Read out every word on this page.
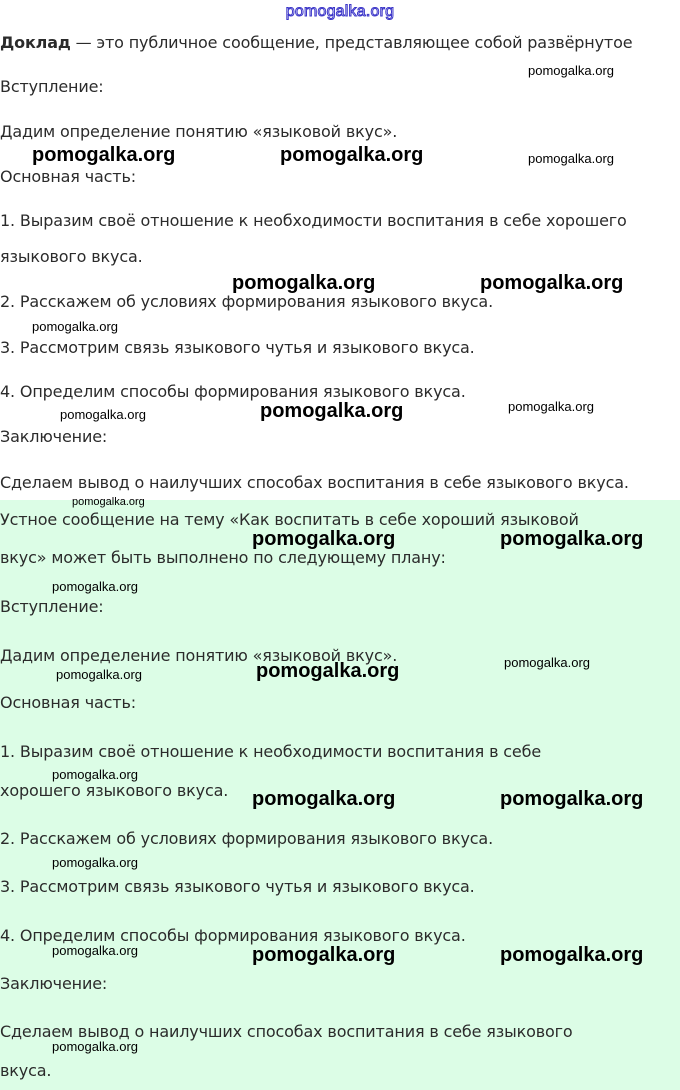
pomogalka.org
Доклад — это публичное сообщение, представляющее собой развёрнутое
Вступление:
Дадим определение понятию «языковой вкус».
Основная часть:
1. Выразим своё отношение к необходимости воспитания в себе хорошего
языкового вкуса.
2. Расскажем об условиях формирования языкового вкуса.
3. Рассмотрим связь языкового чутья и языкового вкуса.
4. Определим способы формирования языкового вкуса.
Заключение:
Сделаем вывод о наилучших способах воспитания в себе языкового вкуса.
Устное сообщение на тему «Как воспитать в себе хороший языковой
вкус» может быть выполнено по следующему плану:
Вступление:
Дадим определение понятию «языковой вкус».
Основная часть:
1. Выразим своё отношение к необходимости воспитания в себе
хорошего языкового вкуса.
2. Расскажем об условиях формирования языкового вкуса.
3. Рассмотрим связь языкового чутья и языкового вкуса.
4. Определим способы формирования языкового вкуса.
Заключение:
Сделаем вывод о наилучших способах воспитания в себе языкового
вкуса.
pomogalka.org
pomogalka.org	pomogalka.org	pomogalka.org
pomogalka.org	pomogalka.org
pomogalka.org
pomogalka.org
pomogalka.org
pomogalka.org
pomogalka.org
pomogalka.org	pomogalka.org
pomogalka.org
pomogalka.org
pomogalka.org
pomogalka.org
pomogalka.org
pomogalka.org	pomogalka.org
pomogalka.org
pomogalka.org	pomogalka.org	pomogalka.org
pomogalka.org
